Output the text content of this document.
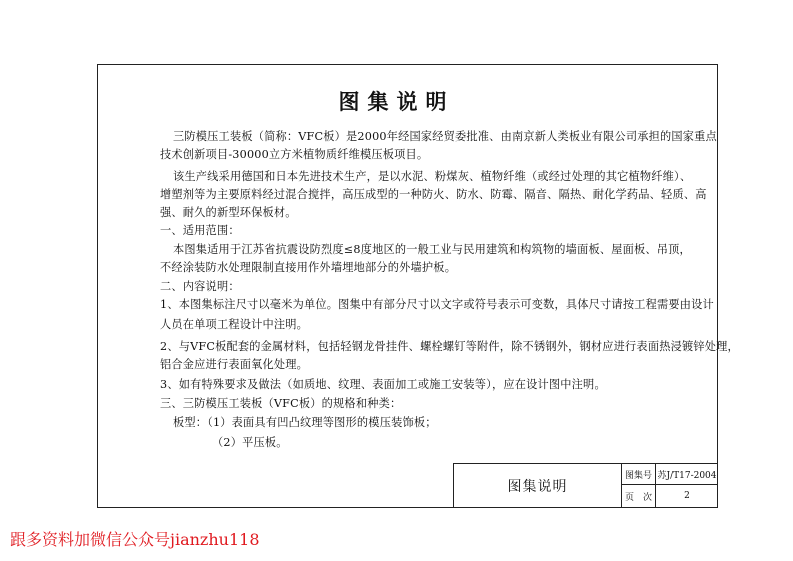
图集说明
三防模压工装板（简称：VFC板）是2000年经国家经贸委批准、由南京新人类板业有限公司承担的国家重点
技术创新项目-30000立方米植物质纤维模压板项目。
该生产线采用德国和日本先进技术生产，是以水泥、粉煤灰、植物纤维（或经过处理的其它植物纤维）、
增塑剂等为主要原料经过混合搅拌，高压成型的一种防火、防水、防霉、隔音、隔热、耐化学药品、轻质、高
强、耐久的新型环保板材。
一、适用范围：
本图集适用于江苏省抗震设防烈度≤8度地区的一般工业与民用建筑和构筑物的墙面板、屋面板、吊顶，
不经涂装防水处理限制直接用作外墙埋地部分的外墙护板。
二、内容说明：
1、本图集标注尺寸以毫米为单位。图集中有部分尺寸以文字或符号表示可变数，具体尺寸请按工程需要由设计
人员在单项工程设计中注明。
2、与VFC板配套的金属材料，包括轻钢龙骨挂件、螺栓螺钉等附件，除不锈钢外，钢材应进行表面热浸镀锌处理，
铝合金应进行表面氧化处理。
3、如有特殊要求及做法（如质地、纹理、表面加工或施工安装等），应在设计图中注明。
三、三防模压工装板（VFC板）的规格和种类：
板型：（1）表面具有凹凸纹理等图形的模压装饰板；
（2）平压板。
图集说明
图集号 苏J/T17-2004
页　次	2
跟多资料加微信公众号jianzhu118
